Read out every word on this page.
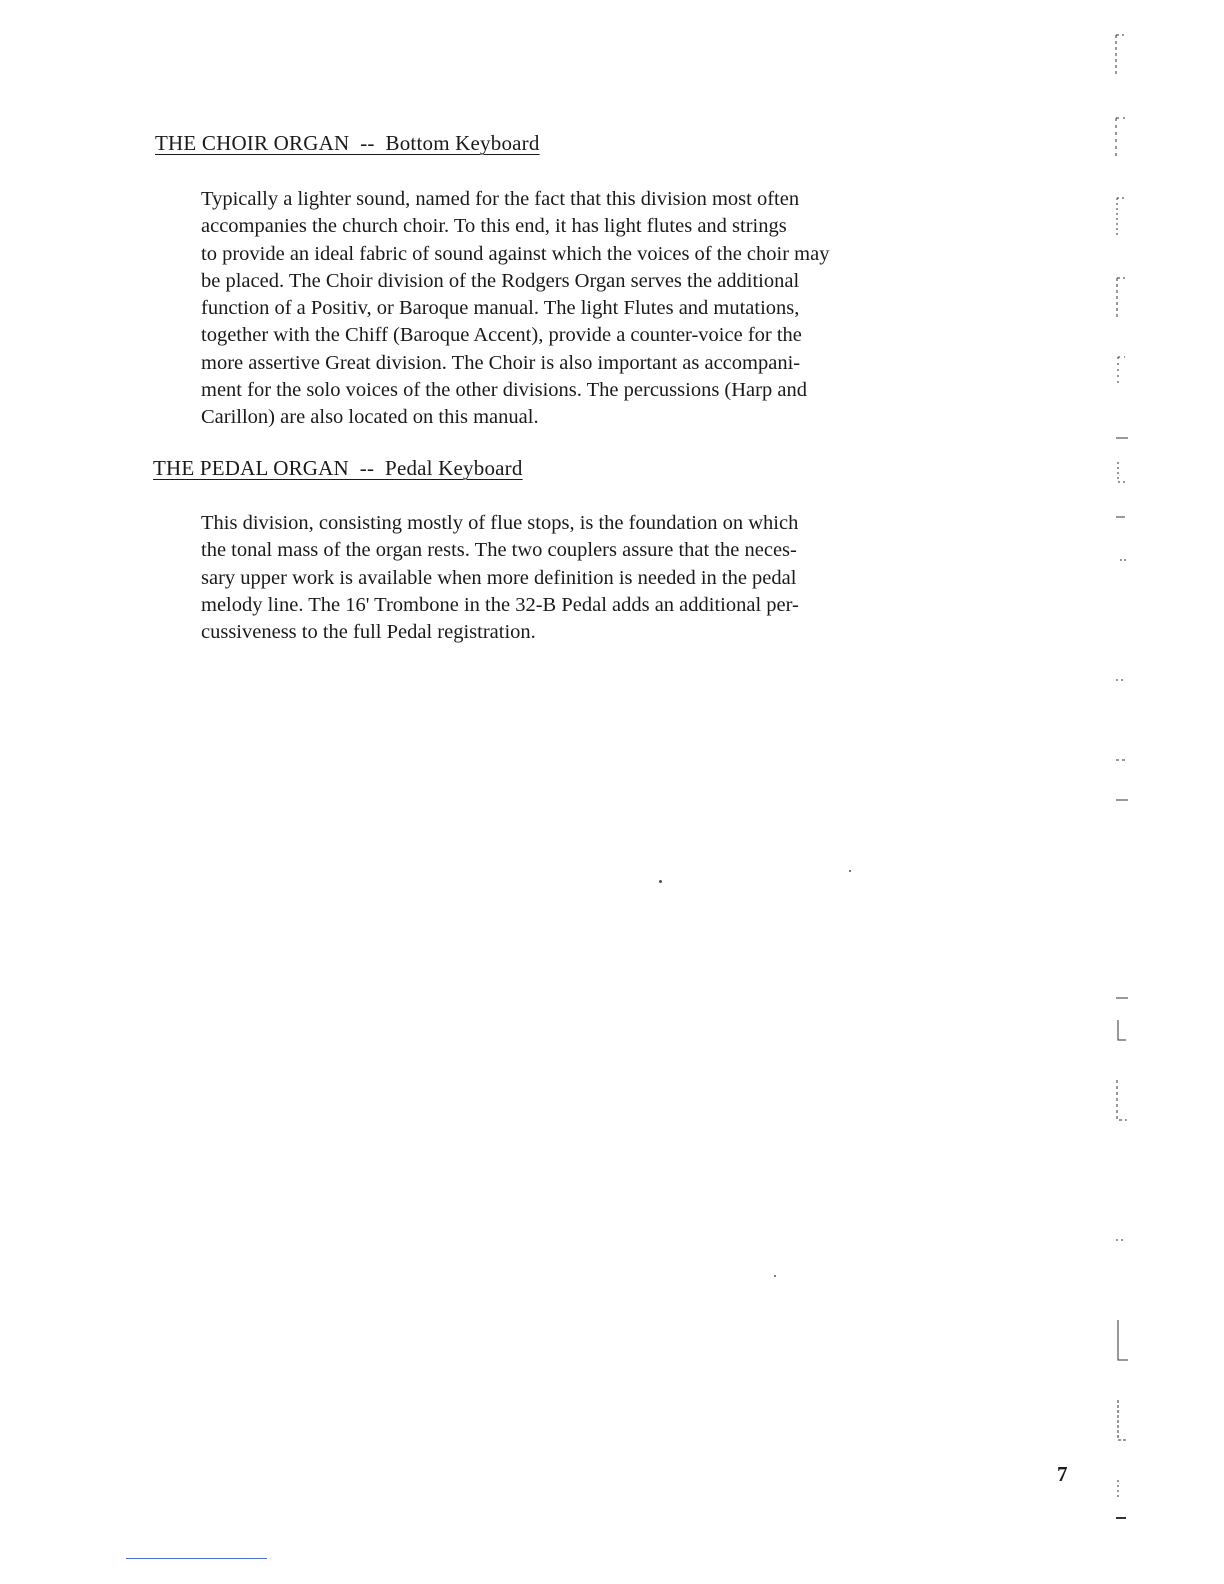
THE CHOIR ORGAN  --  Bottom Keyboard

Typically a lighter sound, named for the fact that this division most often
accompanies the church choir. To this end, it has light flutes and strings
to provide an ideal fabric of sound against which the voices of the choir may
be placed. The Choir division of the Rodgers Organ serves the additional
function of a Positiv, or Baroque manual. The light Flutes and mutations,
together with the Chiff (Baroque Accent), provide a counter-voice for the
more assertive Great division. The Choir is also important as accompani-
ment for the solo voices of the other divisions. The percussions (Harp and
Carillon) are also located on this manual.

THE PEDAL ORGAN  --  Pedal Keyboard

This division, consisting mostly of flue stops, is the foundation on which
the tonal mass of the organ rests. The two couplers assure that the neces-
sary upper work is available when more definition is needed in the pedal
melody line. The 16' Trombone in the 32-B Pedal adds an additional per-
cussiveness to the full Pedal registration.

7
